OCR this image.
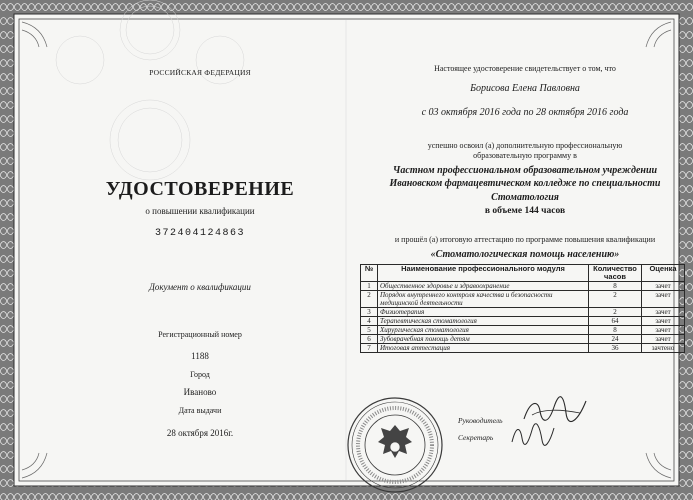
РОССИЙСКАЯ ФЕДЕРАЦИЯ
УДОСТОВЕРЕНИЕ
о повышении квалификации
372404124863
Документ о квалификации
Регистрационный номер
1188
Город
Иваново
Дата выдачи
28 октября 2016г.
Настоящее удостоверение свидетельствует о том, что
Борисова Елена Павловна
с 03 октября 2016 года по 28 октября 2016 года
успешно освоил (а) дополнительную профессиональную
образовательную программу в
Частном профессиональном образовательном учреждении
Ивановском фармацевтическом колледже по специальности
Стоматология
в объеме 144 часов
и прошёл (а) итоговую аттестацию по программе повышения квалификации
«Стоматологическая помощь населению»
№	Наименование профессионального модуля	Количество часов	Оценка
1	Общественное здоровье и здравоохранение	8	зачет
2	Порядок внутреннего контроля качества и безопасности медицинской деятельности	2	зачет
3	Физиотерапия	2	зачет
4	Терапевтическая стоматология	64	зачет
5	Хирургическая стоматология	8	зачет
6	Зубоврачебная помощь детям	24	зачет
7	Итоговая аттестация	36	зачтено
Руководитель
Секретарь
